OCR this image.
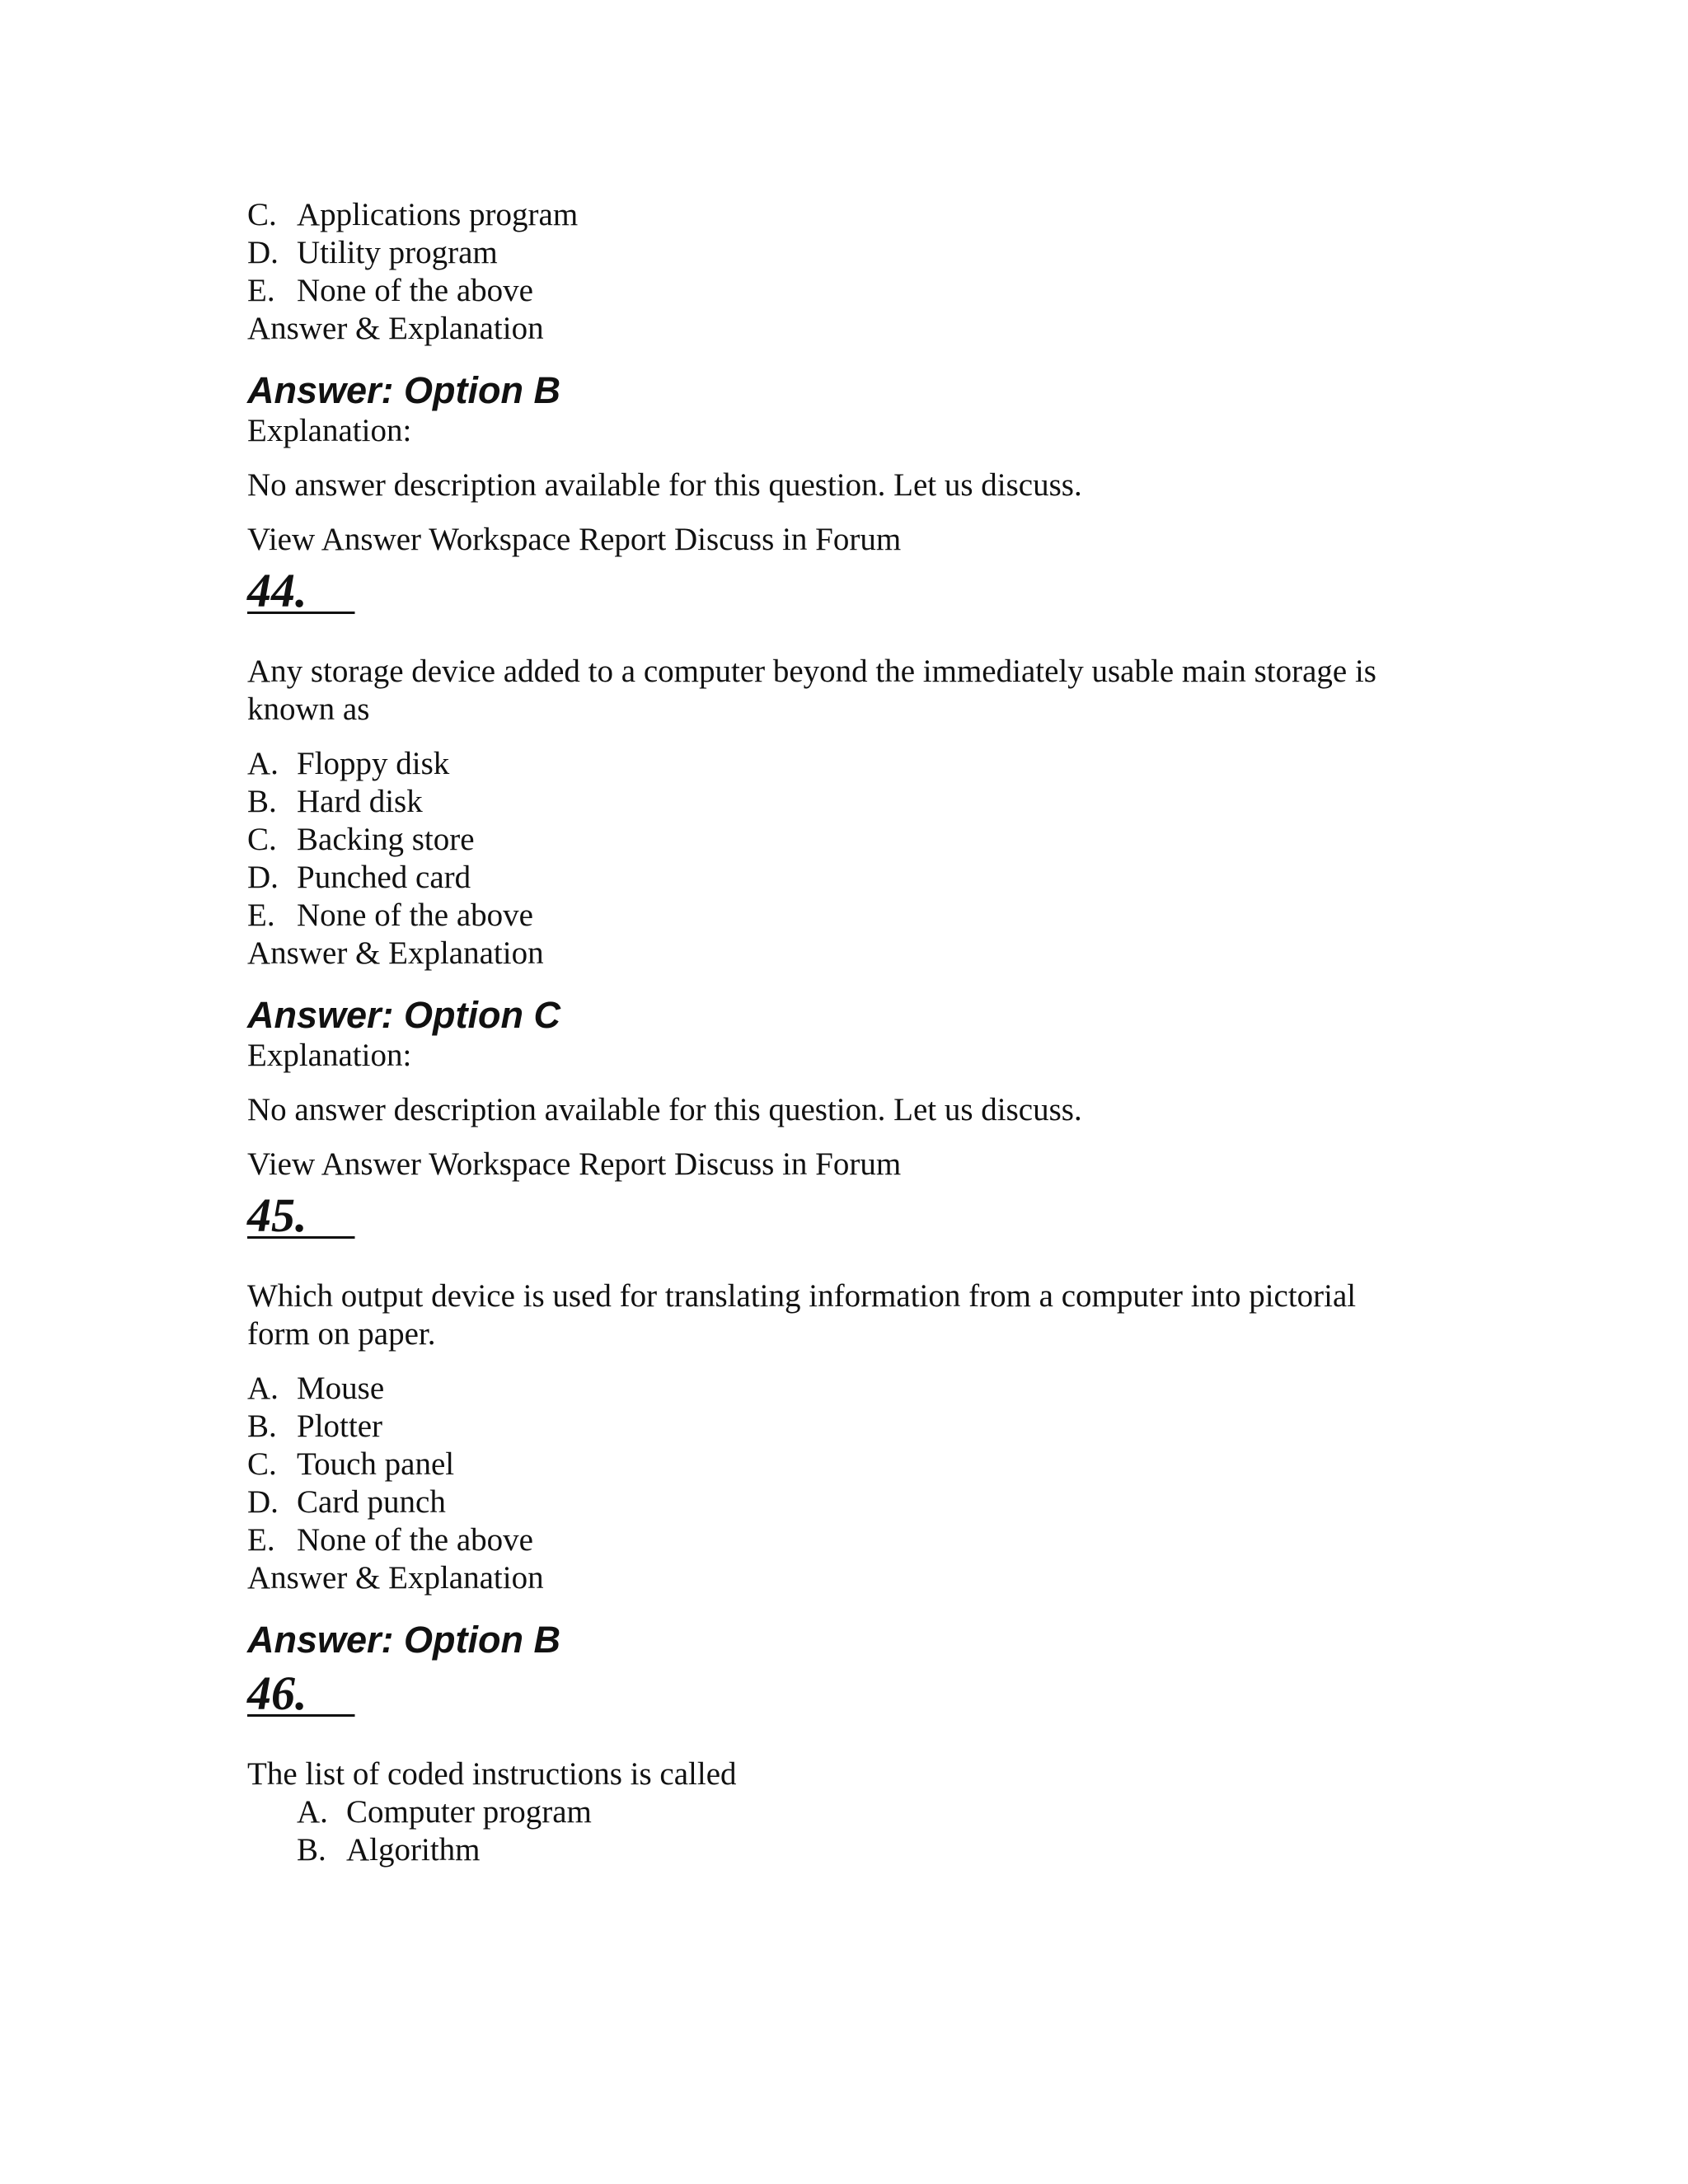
C. Applications program
D. Utility program
E. None of the above

Answer & Explanation

Answer: Option B

Explanation:

No answer description available for this question. Let us discuss.

View Answer Workspace Report Discuss in Forum

44.

Any storage device added to a computer beyond the immediately usable main storage is

known as

A. Floppy disk
B. Hard disk
C. Backing store
D. Punched card
E. None of the above

Answer & Explanation

Answer: Option C

Explanation:

No answer description available for this question. Let us discuss.

View Answer Workspace Report Discuss in Forum

45.

Which output device is used for translating information from a computer into pictorial

form on paper.

A. Mouse
B. Plotter
C. Touch panel
D. Card punch
E. None of the above

Answer & Explanation

Answer: Option B

46.

The list of coded instructions is called

A. Computer program
B. Algorithm
